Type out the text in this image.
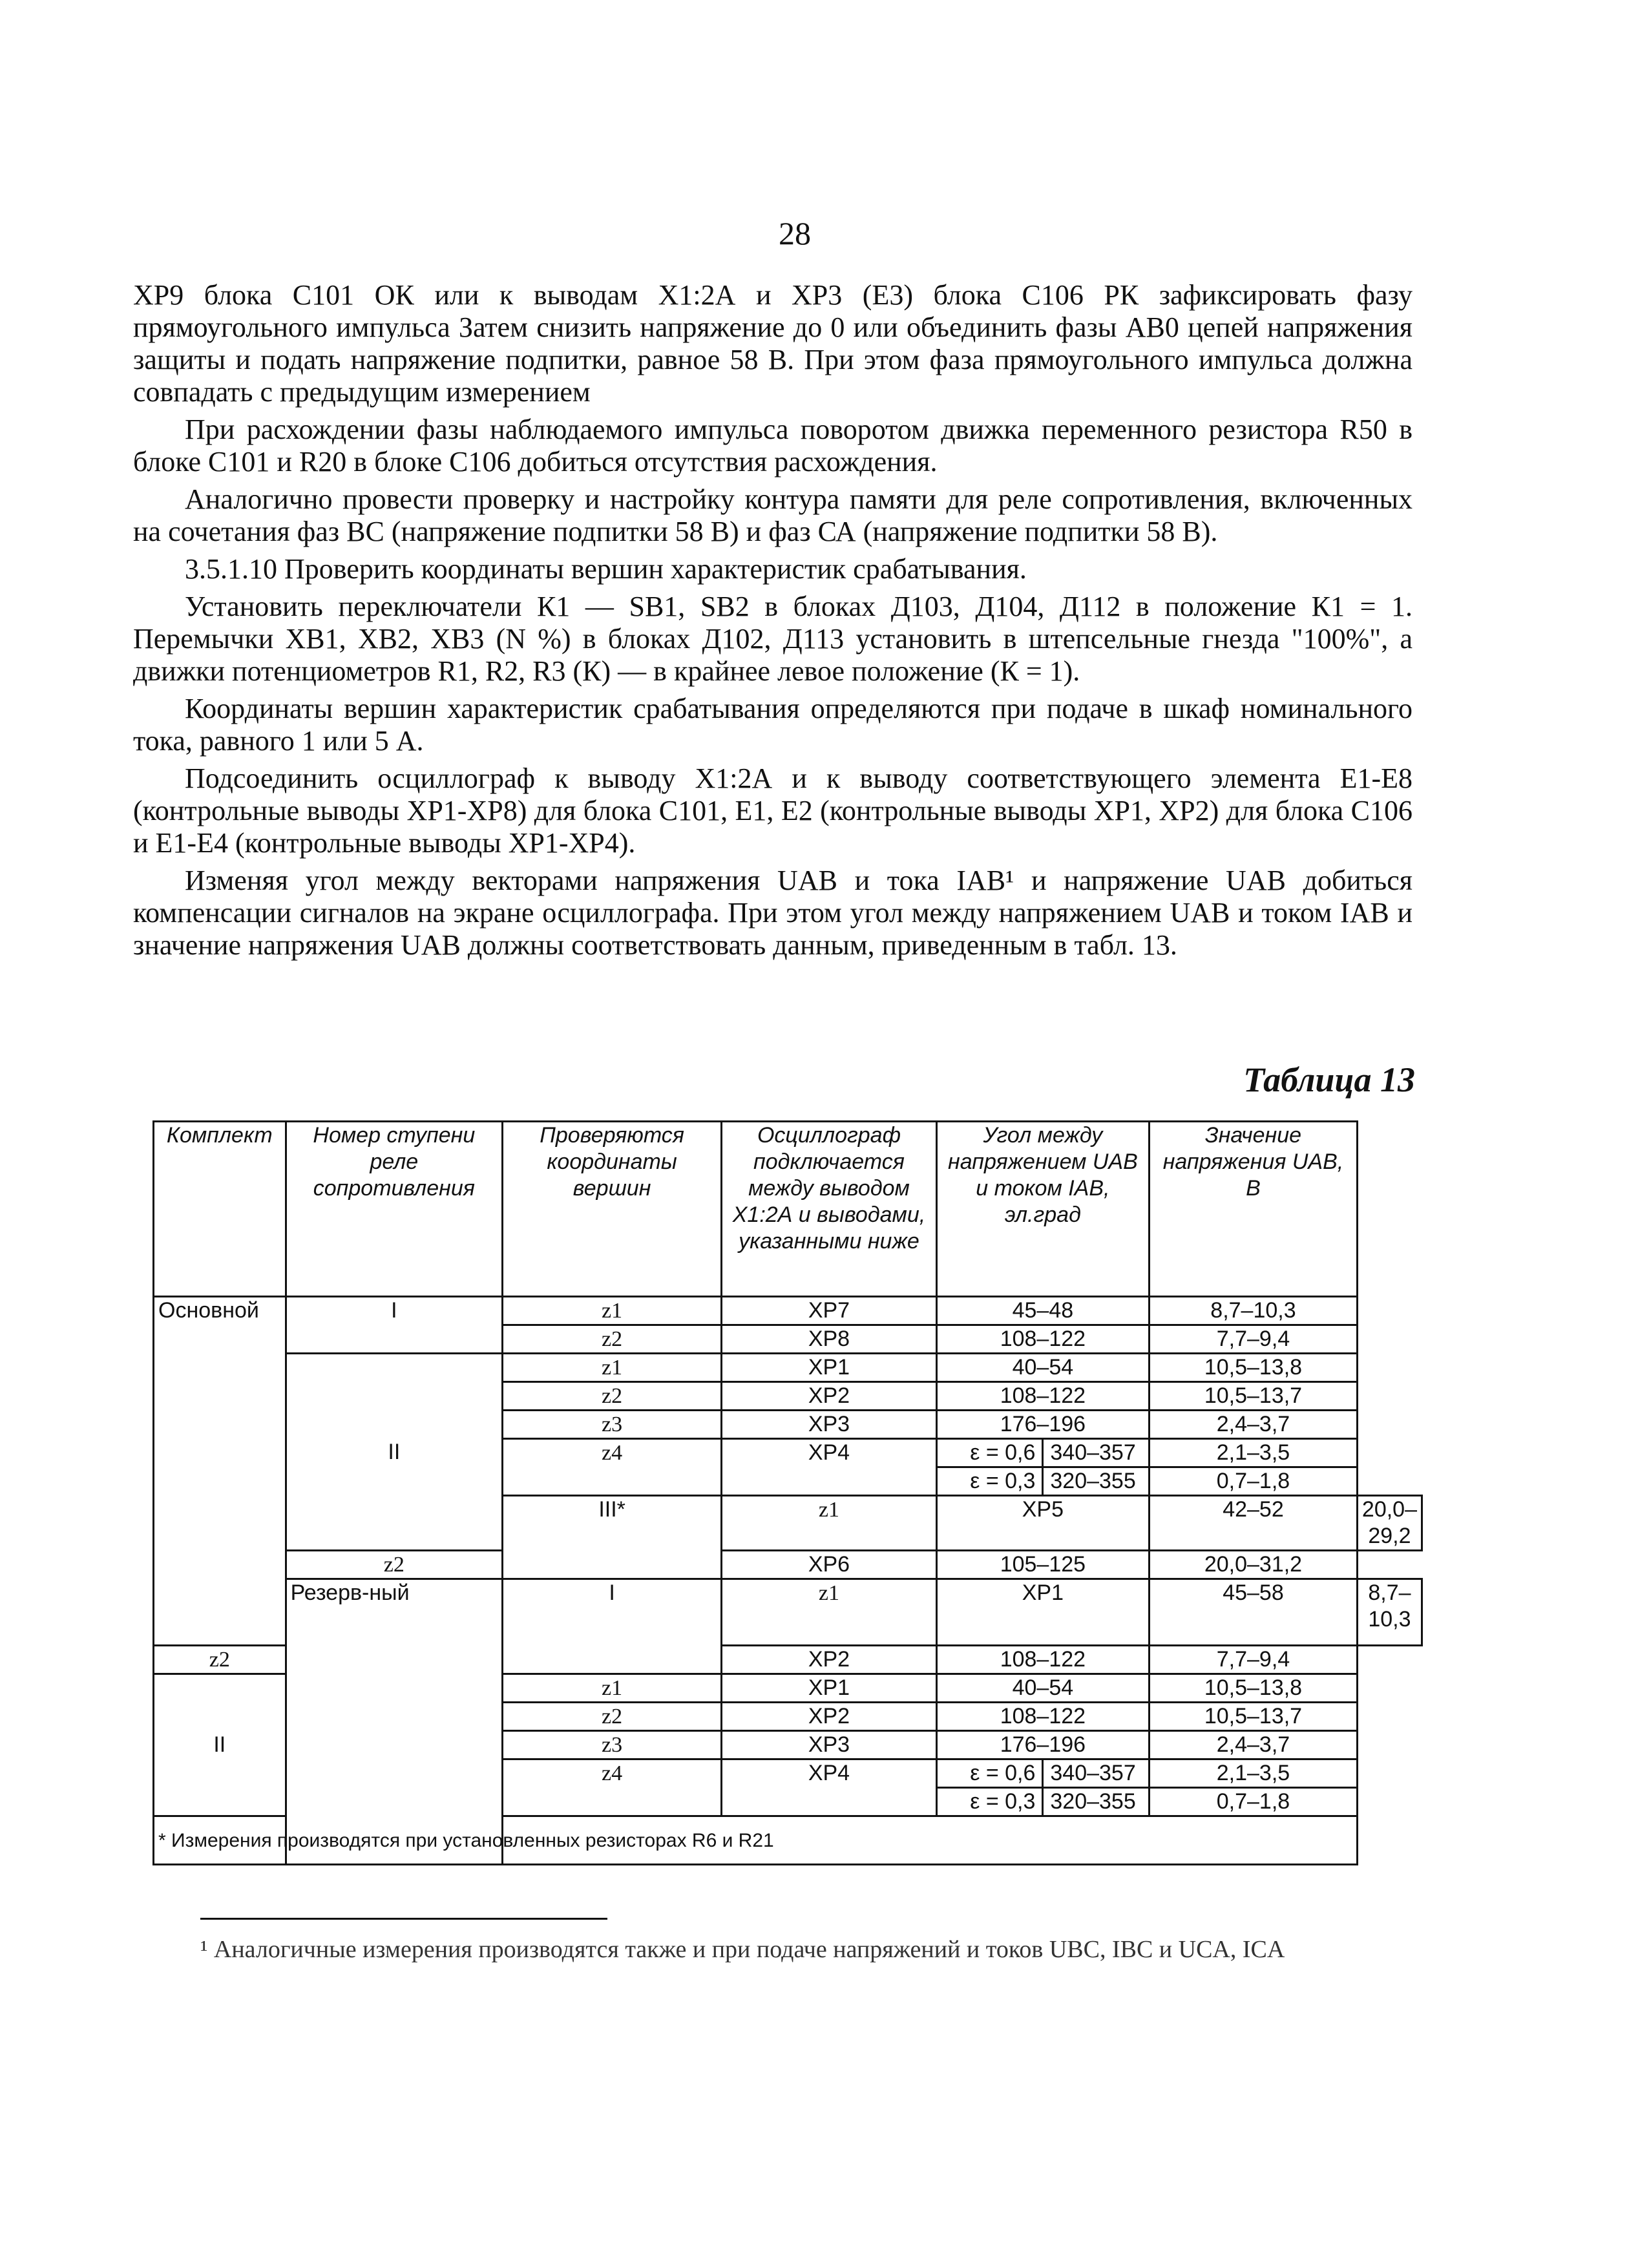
28

ХР9 блока С101 ОК или к выводам Х1:2А и ХР3 (Е3) блока С106 РК зафиксировать фазу прямоугольного импульса Затем снизить напряжение до 0 или объединить фазы АВ0 цепей напряжения защиты и подать напряжение подпитки, равное 58 В. При этом фаза прямоугольного импульса должна совпадать с предыдущим измерением

При расхождении фазы наблюдаемого импульса поворотом движка переменного резистора R50 в блоке С101 и R20 в блоке С106 добиться отсутствия расхождения.

Аналогично провести проверку и настройку контура памяти для реле сопротивления, включенных на сочетания фаз ВС (напряжение подпитки 58 В) и фаз СА (напряжение подпитки 58 В).

3.5.1.10 Проверить координаты вершин характеристик срабатывания.

Установить переключатели К1 — SВ1, SВ2 в блоках Д103, Д104, Д112 в положение К1 = 1. Перемычки ХВ1, ХВ2, ХВ3 (N %) в блоках Д102, Д113 установить в штепсельные гнезда "100%", а движки потенциометров R1, R2, R3 (К) — в крайнее левое положение (К = 1).

Координаты вершин характеристик срабатывания определяются при подаче в шкаф номинального тока, равного 1 или 5 А.

Подсоединить осциллограф к выводу Х1:2А и к выводу соответствующего элемента Е1-Е8 (контрольные выводы ХР1-ХР8) для блока С101, Е1, Е2 (контрольные выводы ХР1, ХР2) для блока С106 и Е1-Е4 (контрольные выводы ХР1-ХР4).

Изменяя угол между векторами напряжения UAB и тока IAB¹ и напряжение UAB добиться компенсации сигналов на экране осциллографа. При этом угол между напряжением UAB и током IAB и значение напряжения UAB должны соответствовать данным, приведенным в табл. 13.

Таблица 13
Комплект	Номер ступени реле сопротивления	Проверяются координаты вершин	Осциллограф подключается между выводом Х1:2А и выводами, указанными ниже	Угол между напряжением UAB и током IAB, эл.град	Значение напряжения UAB, В	
Основной	I	z1	ХР7	45–48	8,7–10,3	
		z2	ХР8	108–122	7,7–9,4	
	II	z1	ХР1	40–54	10,5–13,8	
		z2	ХР2	108–122	10,5–13,7	
		z3	ХР3	176–196	2,4–3,7	
		z4	ХР4	ε = 0,6 340–357	2,1–3,5	

				ε = 0,3 320–355	0,7–1,8	
		III*	z1	ХР5	42–52	20,0–29,2
	z2		ХР6	105–125	20,0–31,2	
	Резерв-ный	I	z1	ХР1	45–58	8,7–10,3
z2			ХР2	108–122	7,7–9,4	
II		z1	ХР1	40–54	10,5–13,8	
		z2	ХР2	108–122	10,5–13,7	
		z3	ХР3	176–196	2,4–3,7	
		z4	ХР4	ε = 0,6 340–357	2,1–3,5	

				ε = 0,3 320–355	0,7–1,8	
* Измерения производятся при установленных резисторах R6 и R21						
¹ Аналогичные измерения производятся также и при подаче напряжений и токов UBC, IBC и UCA, ICA
